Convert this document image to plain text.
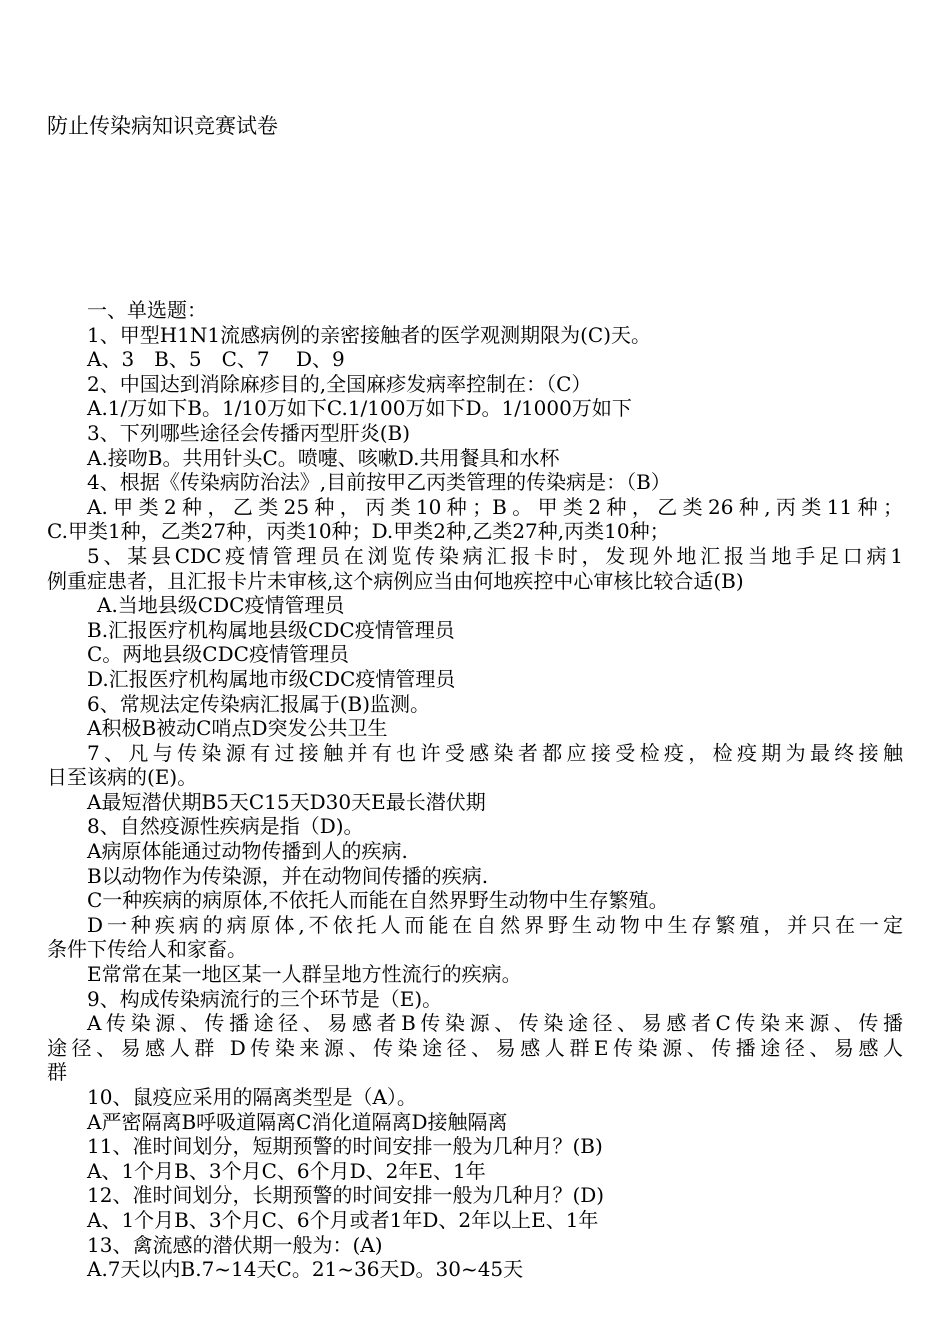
防止传染病知识竞赛试卷
一、单选题：
1、甲型H1N1流感病例的亲密接触者的医学观测期限为(C)天。
A、3　B、5　C、7　 D、9
2、中国达到消除麻疹目的,全国麻疹发病率控制在：（C）
A.1/万如下B。1/10万如下C.1/100万如下D。1/1000万如下
3、下列哪些途径会传播丙型肝炎(B)
A.接吻B。共用针头C。喷嚏、咳嗽D.共用餐具和水杯
4、根据《传染病防治法》,目前按甲乙丙类管理的传染病是：（B）
A.甲类2种，乙类25种，丙类10种；B。甲类2种，乙类26种,丙类11种；
C.甲类1种，乙类27种，丙类10种；D.甲类2种,乙类27种,丙类10种；
5、某县CDC疫情管理员在浏览传染病汇报卡时，发现外地汇报当地手足口病1
例重症患者，且汇报卡片未审核,这个病例应当由何地疾控中心审核比较合适(B)
A.当地县级CDC疫情管理员
B.汇报医疗机构属地县级CDC疫情管理员
C。两地县级CDC疫情管理员
D.汇报医疗机构属地市级CDC疫情管理员
6、常规法定传染病汇报属于(B)监测。
A积极B被动C哨点D突发公共卫生
7、凡与传染源有过接触并有也许受感染者都应接受检疫，检疫期为最终接触
日至该病的(E)。
A最短潜伏期B5天C15天D30天E最长潜伏期
8、自然疫源性疾病是指（D)。
A病原体能通过动物传播到人的疾病.
B以动物作为传染源，并在动物间传播的疾病.
C一种疾病的病原体,不依托人而能在自然界野生动物中生存繁殖。
D一种疾病的病原体,不依托人而能在自然界野生动物中生存繁殖，并只在一定
条件下传给人和家畜。
E常常在某一地区某一人群呈地方性流行的疾病。
9、构成传染病流行的三个环节是（E)。
A传染源、传播途径、易感者B传染源、传染途径、易感者C传染来源、传播
途径、易感人群 D传染来源、传染途径、易感人群E传染源、传播途径、易感人
群
10、鼠疫应采用的隔离类型是（A）。
A严密隔离B呼吸道隔离C消化道隔离D接触隔离
11、准时间划分，短期预警的时间安排一般为几种月？(B)
A、1个月B、3个月C、6个月D、2年E、1年
12、准时间划分，长期预警的时间安排一般为几种月？(D)
A、1个月B、3个月C、6个月或者1年D、2年以上E、1年
13、禽流感的潜伏期一般为：(A)
A.7天以内B.7~14天C。21~36天D。30~45天
